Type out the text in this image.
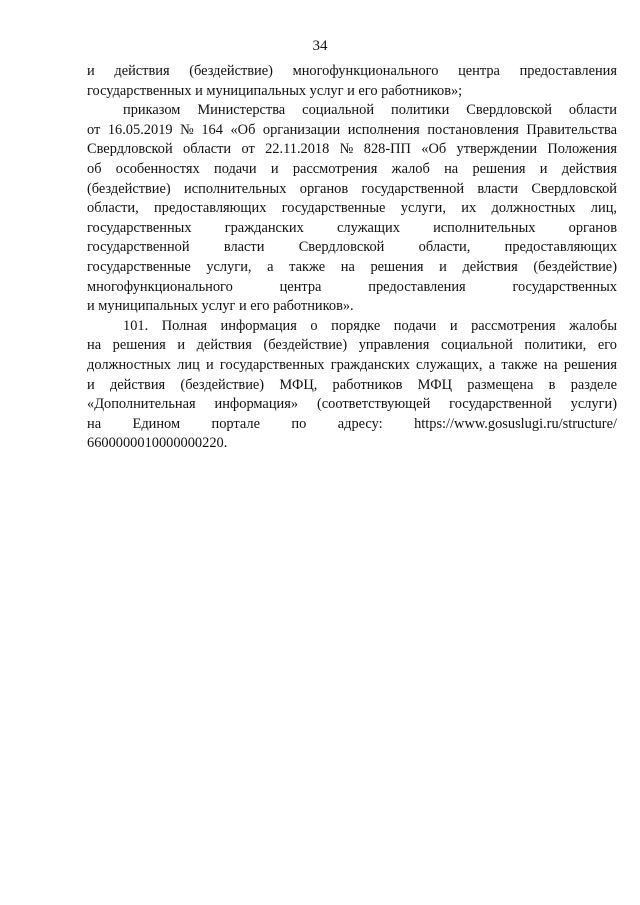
34
и действия (бездействие) многофункционального центра предоставления
государственных и муниципальных услуг и его работников»;
приказом Министерства социальной политики Свердловской области
от 16.05.2019 № 164 «Об организации исполнения постановления Правительства
Свердловской области от 22.11.2018 № 828-ПП «Об утверждении Положения
об особенностях подачи и рассмотрения жалоб на решения и действия
(бездействие) исполнительных органов государственной власти Свердловской
области, предоставляющих государственные услуги, их должностных лиц,
государственных гражданских служащих исполнительных органов
государственной власти Свердловской области, предоставляющих
государственные услуги, а также на решения и действия (бездействие)
многофункционального центра предоставления государственных
и муниципальных услуг и его работников».
101. Полная информация о порядке подачи и рассмотрения жалобы
на решения и действия (бездействие) управления социальной политики, его
должностных лиц и государственных гражданских служащих, а также на решения
и действия (бездействие) МФЦ, работников МФЦ размещена в разделе
«Дополнительная информация» (соответствующей государственной услуги)
на Едином портале по адресу: https://www.gosuslugi.ru/structure/
6600000010000000220.
